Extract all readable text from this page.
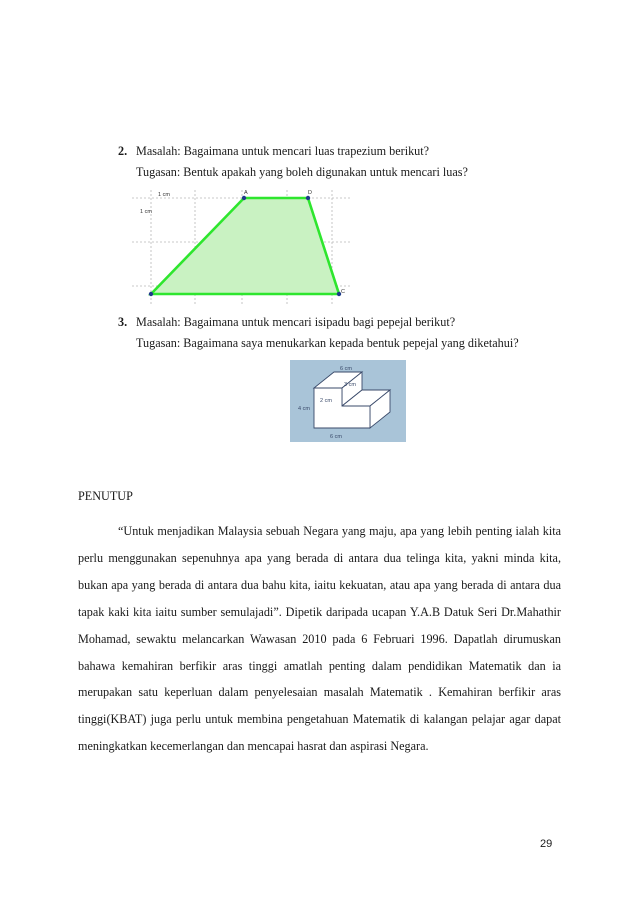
2. Masalah: Bagaimana untuk mencari luas trapezium berikut?
Tugasan: Bentuk apakah yang boleh digunakan untuk mencari luas?
1 cm
1 cm
A	D
C
3. Masalah: Bagaimana untuk mencari isipadu bagi pepejal berikut?
Tugasan: Bagaimana saya menukarkan kepada bentuk pepejal yang diketahui?
6 cm
3 cm
2 cm
4 cm
6 cm
PENUTUP

“Untuk menjadikan Malaysia sebuah Negara yang maju, apa yang lebih penting ialah kita perlu menggunakan sepenuhnya apa yang berada di antara dua telinga kita, yakni minda kita, bukan apa yang berada di antara dua bahu kita, iaitu kekuatan, atau apa yang berada di antara dua tapak kaki kita iaitu sumber semulajadi”. Dipetik daripada ucapan Y.A.B Datuk Seri Dr.Mahathir Mohamad, sewaktu melancarkan Wawasan 2010 pada 6 Februari 1996. Dapatlah dirumuskan bahawa kemahiran berfikir aras tinggi amatlah penting dalam pendidikan Matematik dan ia merupakan satu keperluan dalam penyelesaian masalah Matematik . Kemahiran berfikir aras tinggi(KBAT) juga perlu untuk membina pengetahuan Matematik di kalangan pelajar agar dapat meningkatkan kecemerlangan dan mencapai hasrat dan aspirasi Negara.

29
